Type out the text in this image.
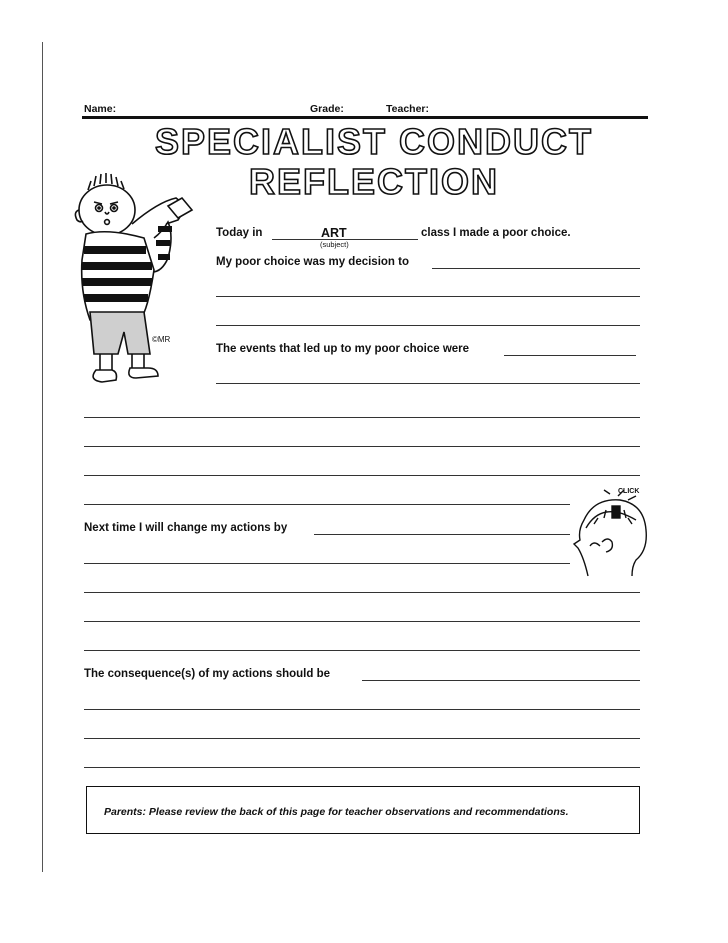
Name:	Grade:	Teacher:
SPECIALIST CONDUCT
REFLECTION
©MR
Today in	ART
(subject)
class I made a poor choice.
My poor choice was my decision to
The events that led up to my poor choice were
CLICK
Next time I will change my actions by
The consequence(s) of my actions should be
Parents: Please review the back of this page for teacher observations and recommendations.
